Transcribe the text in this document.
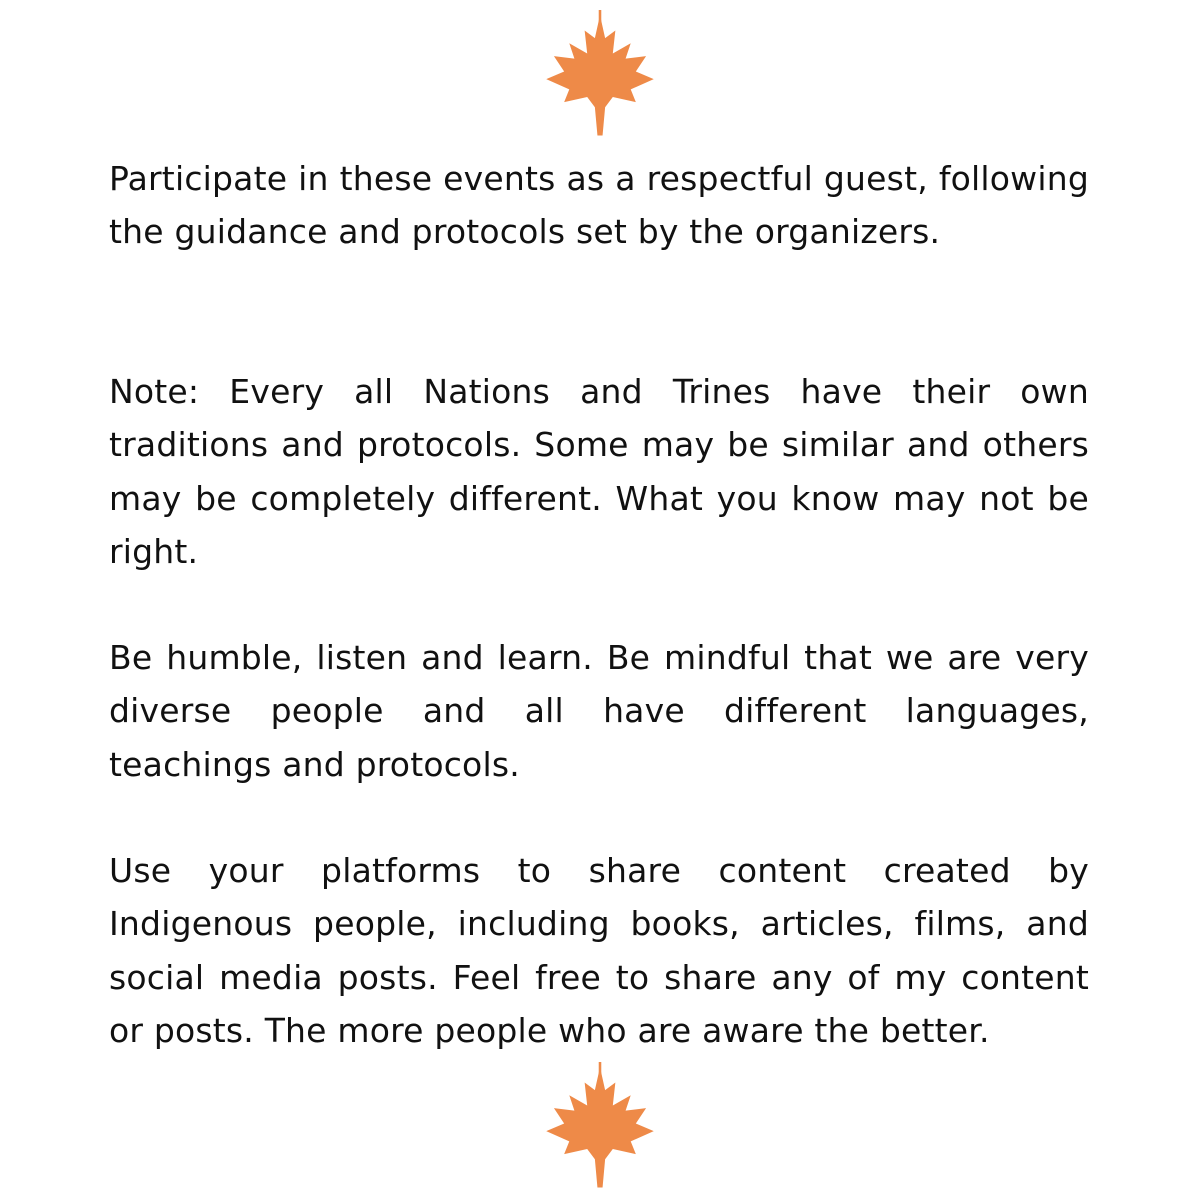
Participate in these events as a respectful guest, following the guidance and protocols set by the organizers.

Note: Every all Nations and Trines have their own traditions and protocols. Some may be similar and others may be completely different. What you know may not be right.

Be humble, listen and learn. Be mindful that we are very diverse people and all have different languages, teachings and protocols.

Use your platforms to share content created by Indigenous people, including books, articles, films, and social media posts. Feel free to share any of my content or posts. The more people who are aware the better.
